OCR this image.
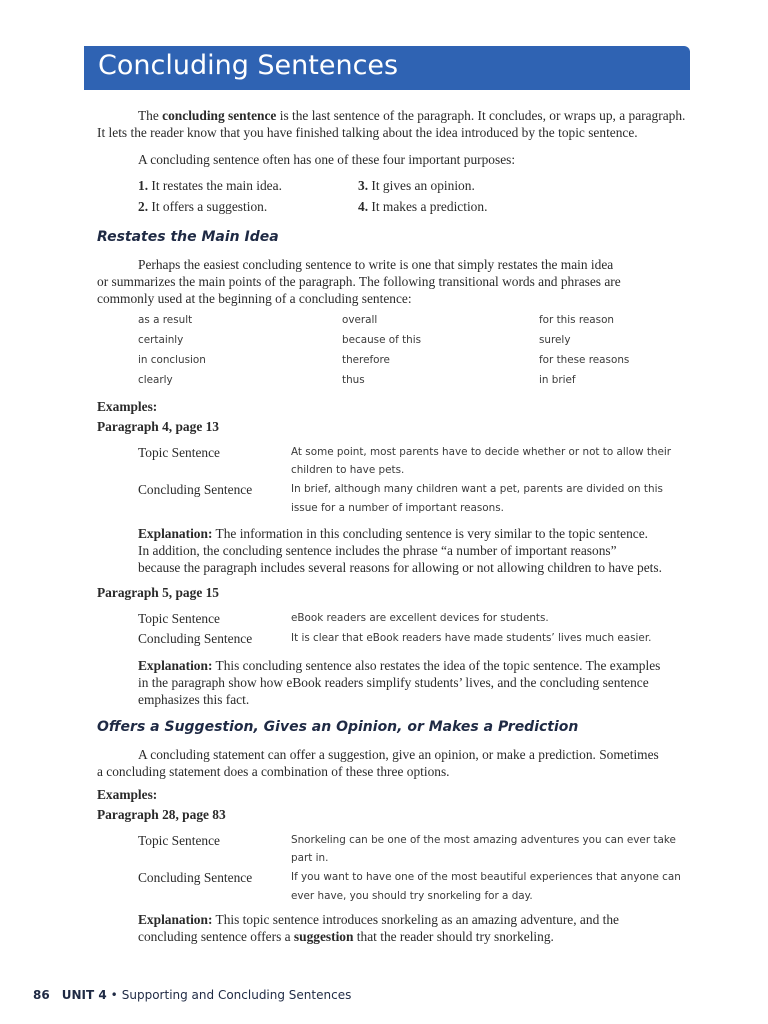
Concluding Sentences
The concluding sentence is the last sentence of the paragraph. It concludes, or wraps up, a paragraph.
It lets the reader know that you have finished talking about the idea introduced by the topic sentence.
A concluding sentence often has one of these four important purposes:
1. It restates the main idea.
2. It offers a suggestion.
3. It gives an opinion.
4. It makes a prediction.
Restates the Main Idea
Perhaps the easiest concluding sentence to write is one that simply restates the main idea
or summarizes the main points of the paragraph. The following transitional words and phrases are
commonly used at the beginning of a concluding sentence:
as a result	overall	for this reason
certainly	because of this	surely
in conclusion	therefore	for these reasons
clearly	thus	in brief
Examples:
Paragraph 4, page 13
Topic Sentence	At some point, most parents have to decide whether or not to allow their
children to have pets.
Concluding Sentence	In brief, although many children want a pet, parents are divided on this
issue for a number of important reasons.
Explanation: The information in this concluding sentence is very similar to the topic sentence.
In addition, the concluding sentence includes the phrase “a number of important reasons”
because the paragraph includes several reasons for allowing or not allowing children to have pets.
Paragraph 5, page 15
Topic Sentence	eBook readers are excellent devices for students.
Concluding Sentence	It is clear that eBook readers have made students’ lives much easier.
Explanation: This concluding sentence also restates the idea of the topic sentence. The examples
in the paragraph show how eBook readers simplify students’ lives, and the concluding sentence
emphasizes this fact.
Offers a Suggestion, Gives an Opinion, or Makes a Prediction
A concluding statement can offer a suggestion, give an opinion, or make a prediction. Sometimes
a concluding statement does a combination of these three options.
Examples:
Paragraph 28, page 83
Topic Sentence	Snorkeling can be one of the most amazing adventures you can ever take
part in.
Concluding Sentence	If you want to have one of the most beautiful experiences that anyone can
ever have, you should try snorkeling for a day.
Explanation: This topic sentence introduces snorkeling as an amazing adventure, and the
concluding sentence offers a suggestion that the reader should try snorkeling.
86 UNIT 4 • Supporting and Concluding Sentences
